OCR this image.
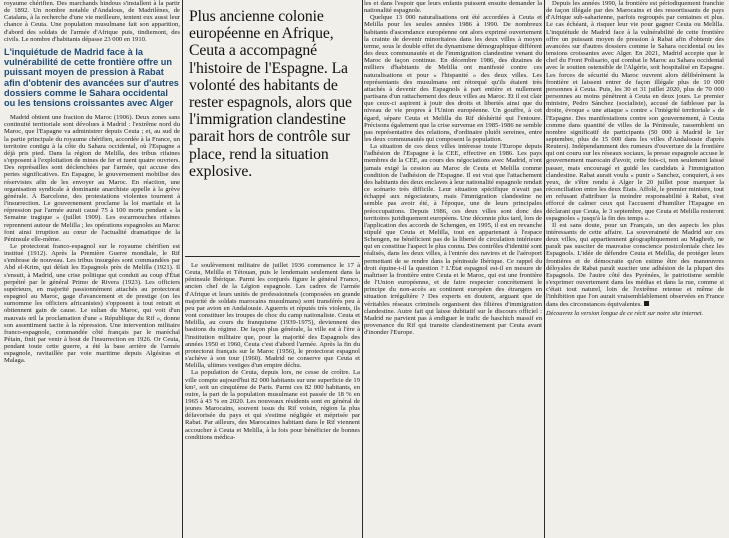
royaume chérifien. Des marchands hindous s'installent à la partir de 1892. Un nombre notable d'Andalous, de Madrilènes, de Catalans, à la recherche d'une vie meilleure, tentent eux aussi leur chance à Ceuta. Une population musulmane fait son apparition, d'abord des soldats de l'armée d'Afrique puis, tindiemont, des civils. Le nombre d'habitants dépasse 23 000 en 1910.

L'inquiétude de Madrid face à la vulnérabilité de cette frontière offre un puissant moyen de pression à Rabat afin d'obtenir des avancées sur d'autres dossiers comme le Sahara occidental ou les tensions croissantes avec Alger

Madrid obtient une fraction du Maroc (1906). Deux zones sans continuité territoriale sont dévolues à Madrid : l'extrême nord du Maroc, que l'Espagne va administrer depuis Ceuta ; et, au sud de la partie principale du royaume chérifien, accordée à la France, un territoire contigu à la côte du Sahara occidental, où l'Espagne a déjà pris pied. Dans la région de Melilla, des tribus rifaines s'opposent à l'exploitation de mines de fer et tuent quatre ouvriers. Des représailles sont déclenchées par l'armée, qui accuse des pertes significatives. En Espagne, le gouvernement mobilise des réservistes afin de les envoyer au Maroc. En réaction, une organisation syndicale à dominante anarchiste appelle à la grève générale. À Barcelone, des protestations violentes tournent à l'insurrection. Le gouvernement proclame la loi martiale et la répression par l'armée aurait causé 75 à 100 morts pendant « la Semaine tragique » (juillet 1909). Les escarmouches rifaines reprennent autour de Melilla ; les opérations espagnoles au Maroc font ainsi irruption au cœur de l'actualité dramatique de la Péninsule elle-même.

Le protectorat franco-espagnol sur le royaume chérifien est institué (1912). Après la Première Guerre mondiale, le Rif s'embrase de nouveau. Les tribus insurgées sont commandées par Abd el-Krim, qui défait les Espagnols près de Melilla (1921). Il s'ensuit, à Madrid, une crise politique qui conduit au coup d'État perpétré par le général Primo de Rivera (1923). Les officiers supérieurs, en majorité passionnément attachés au protectorat espagnol au Maroc, gage d'avancement et de prestige (on les surnomme les officiers africanistes) s'opposent à tout retrait et obtiennent gain de cause. Le sultan du Maroc, qui voit d'un mauvais œil la proclamation d'une « République du Rif », donne son assentiment tacite à la répression. Une intervention militaire franco-espagnole, commandée côté français par le maréchal Pétain, finit par venir à bout de l'insurrection en 1926. Or Ceuta, pendant toute cette guerre, a été la base arrière de l'armée espagnole, ravitaillée par voie maritime depuis Algésiras et Malaga.

Plus ancienne colonie européenne en Afrique, Ceuta a accompagné l'histoire de l'Espagne. La volonté des habitants de rester espagnols, alors que l'immigration clandestine parait hors de contrôle sur place, rend la situation explosive.

Le soulèvement militaire de juillet 1936 commence le 17 à Ceuta, Melilla et Tétouan, puis le lendemain seulement dans la péninsule Ibérique. Parmi les conjurés figure le général Franco, ancien chef de la Légion espagnole. Les cadres de l'armée d'Afrique et leurs unités de professionnels (composées en grande majorité de soldats marocains musulmans) sont transférés peu à peu par avion en Andalousie. Aguerris et réputés très violents, ils vont constituer les troupes de choc du camp nationaliste. Ceuta et Melilla, au cours du franquisme (1939-1975), deviennent des bastions du régime. De façon plus générale, la ville est à l'ère à l'institution militaire que, pour la majorité des Espagnols des années 1950 et 1960, Ceuta c'est d'abord l'armée. Après la fin du protectorat français sur le Maroc (1956), le protectorat espagnol s'achève à son tour (1960). Madrid ne conserve que Ceuta et Melilla, ultimes vestiges d'un empire déchu.

La population de Ceuta, depuis lors, ne cesse de croître. La ville compte aujourd'hui 82 000 habitants sur une superficie de 19 km², soit un cinquième de Paris. Parmi ces 82 000 habitants, en outre, la part de la population musulmane est passée de 18 % en 1965 à 43 % en 2020. Les nouveaux résidents sont en général de jeunes Marocains, souvent issus du Rif voisin, région la plus défavorisée du pays et qui s'estime négligée et méprisée par Rabat. Par ailleurs, des Marocaines habitant dans le Rif viennent accoucher à Ceuta et Melilla, à la fois pour bénéficier de bonnes conditions médica-

les et dans l'espoir que leurs enfants puissent ensuite demander la nationalité espagnole.

Quelque 13 000 naturalisations ont été accordées à Ceuta et Melilla pour les seules années 1986 à 1990. De nombreux habitants d'ascendance européenne ont alors exprimé ouvertement la crainte de devenir minoritaires dans les deux villes à moyen terme, sous le double effet du dynamisme démographique différent des deux communautés et de l'immigration clandestine venant du Maroc de façon continue. En décembre 1986, des dizaines de milliers d'habitants de Melilla ont manifesté contre ces naturalisations et pour « l'hispanité » des deux villes. Les représentants des musulmans ont rétorqué qu'ils étaient très attachés à devenir des Espagnols à part entière et nullement partisans d'un rattachement des deux villes au Maroc. Et il est clair que ceux-ci aspirent à jouir des droits et libertés ainsi que du niveau de vie propres à l'Union européenne. Un gouffre, à cet égard, sépare Ceuta et Melilla du Rif déshérité qui l'entoure. Précisons également que la crise survenue en 1985-1986 ne semble pas représentative des relations, d'ordinaire plutôt sereines, entre les deux communautés qui composent la population.

La situation de ces deux villes intéresse toute l'Europe depuis l'adhésion de l'Espagne à la CEE, effective en 1986. Les pays membres de la CEE, au cours des négociations avec Madrid, n'ont jamais exigé la cession au Maroc de Ceuta et Melilla comme condition de l'adhésion de l'Espagne. Il est vrai que l'attachement des habitants des deux enclaves à leur nationalité espagnole rendait ce scénario très difficile. Leur situation spécifique n'avait pas échappé aux négociateurs, mais l'immigration clandestine ne semble pas avoir été, à l'époque, une de leurs principales préoccupations. Depuis 1986, ces deux villes sont donc des territoires juridiquement européens. Une décennie plus tard, lors de l'application des accords de Schengen, en 1995, il est en revanche stipulé que Ceuta et Melilla, tout en appartenant à l'espace Schengen, ne bénéficient pas de la liberté de circulation intérieure qui en constitue l'aspect le plus connu. Des contrôles d'identité sont réalisés, dans les deux villes, à l'entrée des navires et de l'aéroport permettant de se rendre dans la péninsule Ibérique. Ce rappel du droit équine-t-il la question ? L'État espagnol est-il en mesure de maîtriser la frontière entre Ceuta et le Maroc, qui est une frontière de l'Union européenne, et de faire respecter concrètement le principe du non-accès au continent européen des étrangers en situation irrégulière ? Des experts en doutent, arguant que de véritables réseaux criminels organisent des filières d'immigration clandestine. Autre fait qui laisse dubitatif sur le discours officiel : Madrid ne parvient pas à endiguer le trafic de haschich massif en provenance du Rif qui transite clandestinement par Ceuta avant d'inonder l'Europe.

Depuis les années 1990, la frontière est périodiquement franchie de façon illégale par des Marocains et des ressortissants de pays d'Afrique sub-saharienne, parfois regroupés par centaines et plus. Le cas échéant, à risquer leur vie pour gagner Ceuta ou Melilla. L'inquiétude de Madrid face à la vulnérabilité de cette frontière offre un puissant moyen de pression à Rabat afin d'obtenir des avancées sur d'autres dossiers comme le Sahara occidental ou les tensions croissantes avec Alger. En 2021, Madrid accepte que le chef du Front Polisario, qui combat le Maroc au Sahara occidental avec le soutien ostensible de l'Algérie, soit hospitalisé en Espagne. Les forces de sécurité du Maroc ouvrent alors délibérément la frontière et laissent entrer de façon illégale plus de 10 000 personnes à Ceuta. Puis, les 30 et 31 juillet 2020, plus de 70 000 personnes au moins pénètrent à Ceuta en deux jours. Le premier ministre, Pedro Sánchez (socialiste), accusé de faiblesse par la droite, évoque « une attaque » contre « l'intégrité territoriale » de l'Espagne. Des manifestations contre son gouvernement, à Ceuta comme dans quantité de villes de la Péninsule, rassemblent un nombre significatif de participants (50 000 à Madrid le 1er septembre, plus de 15 000 dans les villes d'Andalousie d'après Reuters). Indépendamment des rumeurs d'ouverture de la frontière qui ont couru sur les réseaux sociaux, la presse espagnole accuse le gouvernement marocain d'avoir, cette fois-ci, non seulement laissé passer, mais encouragé et guidé les candidats à l'immigration clandestine. Rabat aurait voulu « punir » Sanchez, conquiert, à ses yeux, de s'être rendu à Alger le 20 juillet pour marquer la réconciliation entre les deux États. Affolé, le premier ministre, tout en refusant d'attribuer la moindre responsabilité à Rabat, s'est efforcé de calmer ceux qui l'accusent d'humilier l'Espagne en déclarant que Ceuta, le 3 septembre, que Ceuta et Melilla resteront espagnoles « jusqu'à la fin des temps ».

Il est sans doute, pour un Français, un des aspects les plus intéressants de cette affaire. La souveraineté de Madrid sur ces deux villes, qui appartiennent géographiquement au Maghreb, ne paraît pas susciter de mauvaise conscience postcoloniale chez les Espagnols. L'idée de défendre Ceuta et Melilla, de protéger leurs frontières et de démocratie qu'on estime être des manœuvres déloyales de Rabat paraît susciter une adhésion de la plupart des Espagnols. De l'autre côté des Pyrénées, le patriotisme semble s'exprimer ouvertement dans les médias et dans la rue, comme si c'était tout naturel, loin de l'extrême retenue et même de l'inhibition que l'on aurait vraisemblablement observées en France dans des circonstances équivalentes.

Découvrez la version longue de ce récit sur notre site internet.
